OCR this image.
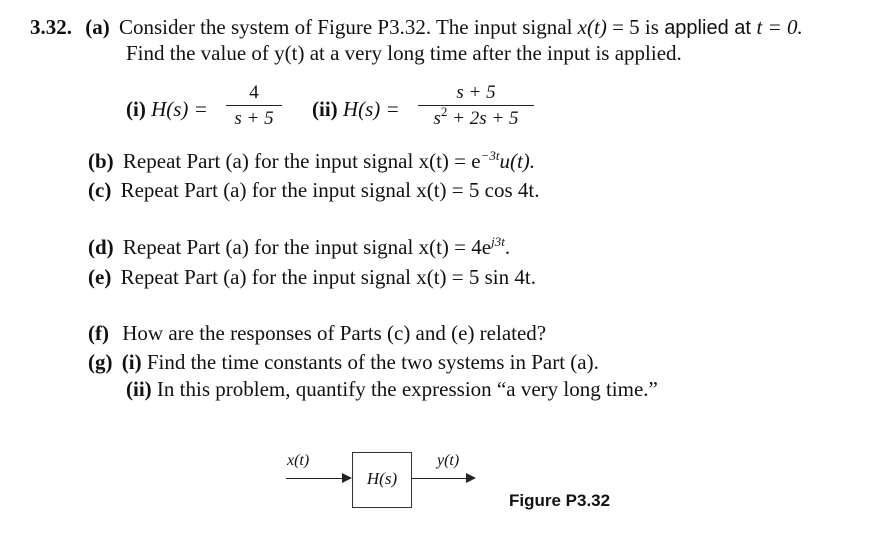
3.32. (a) Consider the system of Figure P3.32. The input signal x(t) = 5 is applied at t = 0.
Find the value of y(t) at a very long time after the input is applied.
(i) H(s) =
4
s + 5	(ii) H(s) =
s + 5
$s^2 + 2s + 5$
(b) Repeat Part (a) for the input signal $x(t) = e^{-3t}u(t)$.
(c) Repeat Part (a) for the input signal x(t) = 5 cos 4t.
(d) Repeat Part (a) for the input signal $x(t) = 4e^{j3t}$.
(e) Repeat Part (a) for the input signal x(t) = 5 sin 4t.
(f) How are the responses of Parts (c) and (e) related?
(g) (i) Find the time constants of the two systems in Part (a).
(ii) In this problem, quantify the expression “a very long time.”
x(t)
H(s)
y(t)
Figure P3.32
